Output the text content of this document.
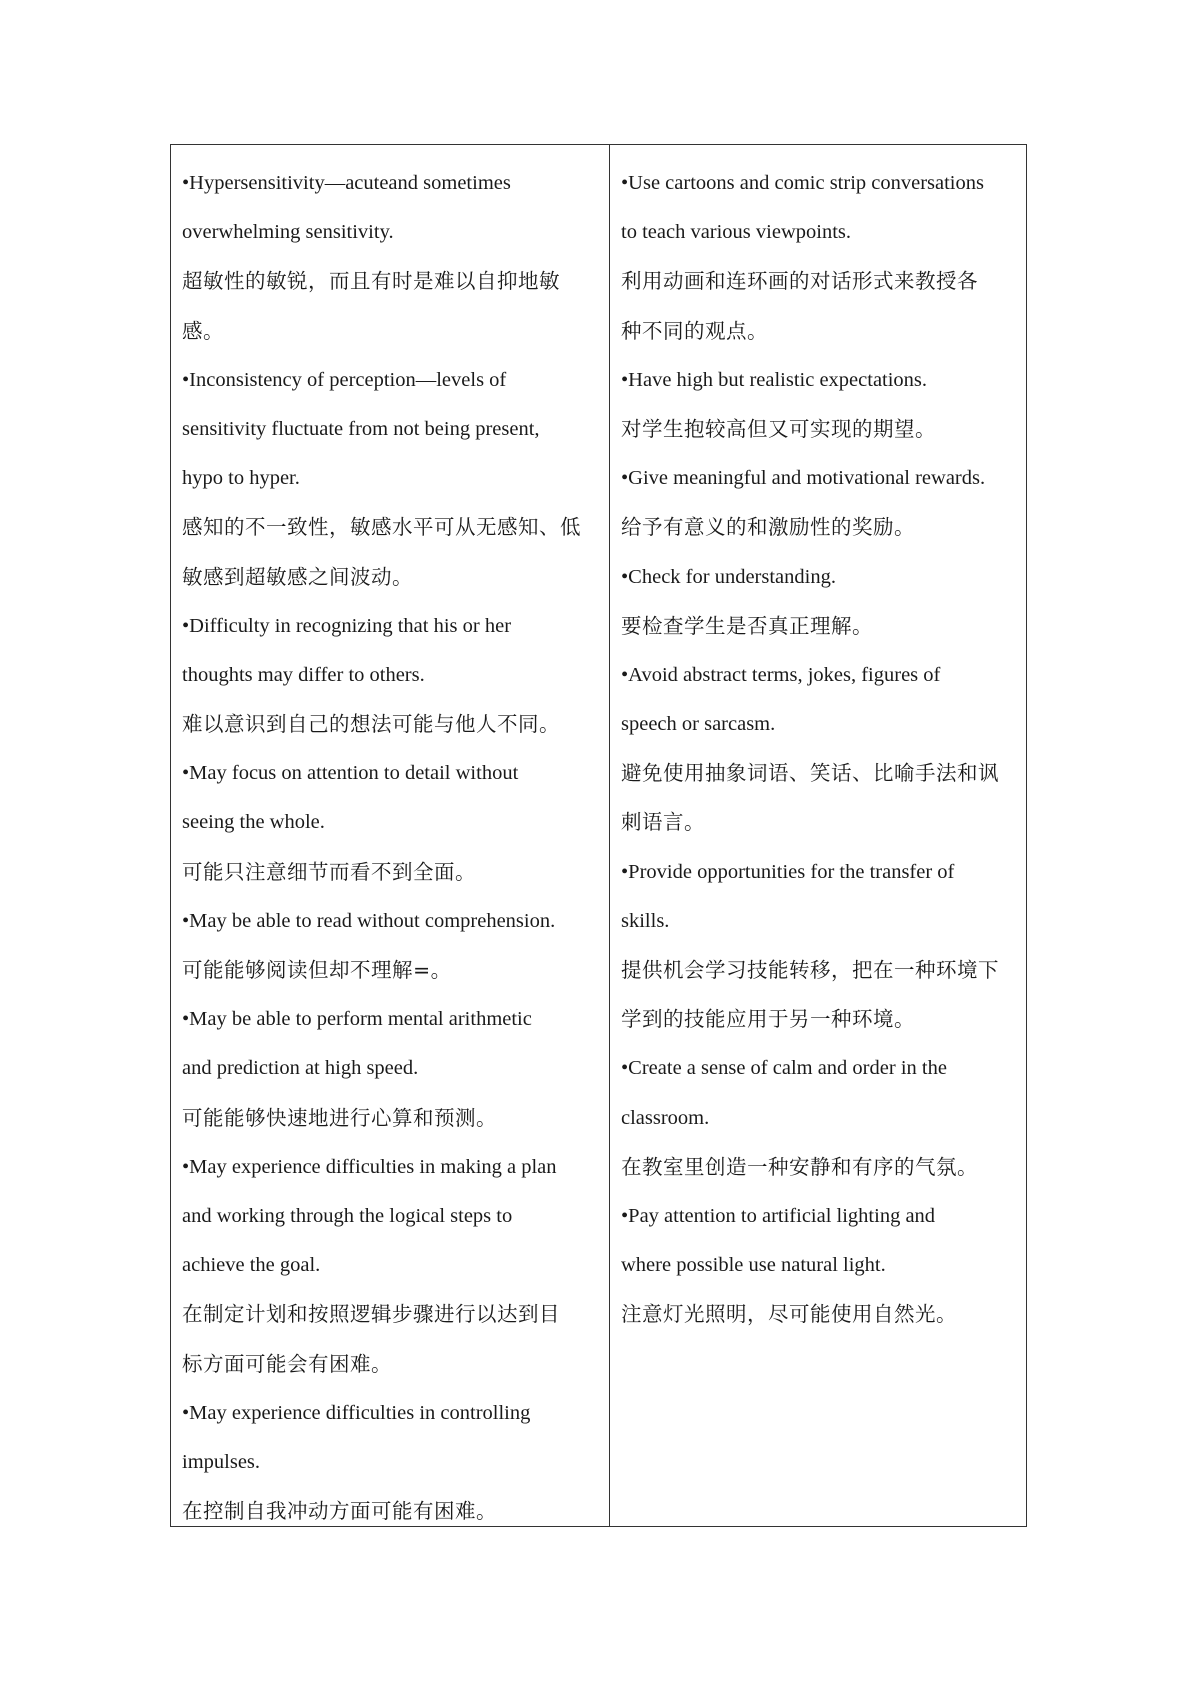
•Hypersensitivity—acuteand sometimes
overwhelming sensitivity.
超敏性的敏锐，而且有时是难以自抑地敏
感。
•Inconsistency of perception—levels of
sensitivity fluctuate from not being present,
hypo to hyper.
感知的不一致性，敏感水平可从无感知、低
敏感到超敏感之间波动。
•Difficulty in recognizing that his or her
thoughts may differ to others.
难以意识到自己的想法可能与他人不同。
•May focus on attention to detail without
seeing the whole.
可能只注意细节而看不到全面。
•May be able to read without comprehension.
可能能够阅读但却不理解=。
•May be able to perform mental arithmetic
and prediction at high speed.
可能能够快速地进行心算和预测。
•May experience difficulties in making a plan
and working through the logical steps to
achieve the goal.
在制定计划和按照逻辑步骤进行以达到目
标方面可能会有困难。
•May experience difficulties in controlling
impulses.
在控制自我冲动方面可能有困难。
•Use cartoons and comic strip conversations
to teach various viewpoints.
利用动画和连环画的对话形式来教授各
种不同的观点。
•Have high but realistic expectations.
对学生抱较高但又可实现的期望。
•Give meaningful and motivational rewards.
给予有意义的和激励性的奖励。
•Check for understanding.
要检查学生是否真正理解。
•Avoid abstract terms, jokes, figures of
speech or sarcasm.
避免使用抽象词语、笑话、比喻手法和讽
刺语言。
•Provide opportunities for the transfer of
skills.
提供机会学习技能转移，把在一种环境下
学到的技能应用于另一种环境。
•Create a sense of calm and order in the
classroom.
在教室里创造一种安静和有序的气氛。
•Pay attention to artificial lighting and
where possible use natural light.
注意灯光照明，尽可能使用自然光。
